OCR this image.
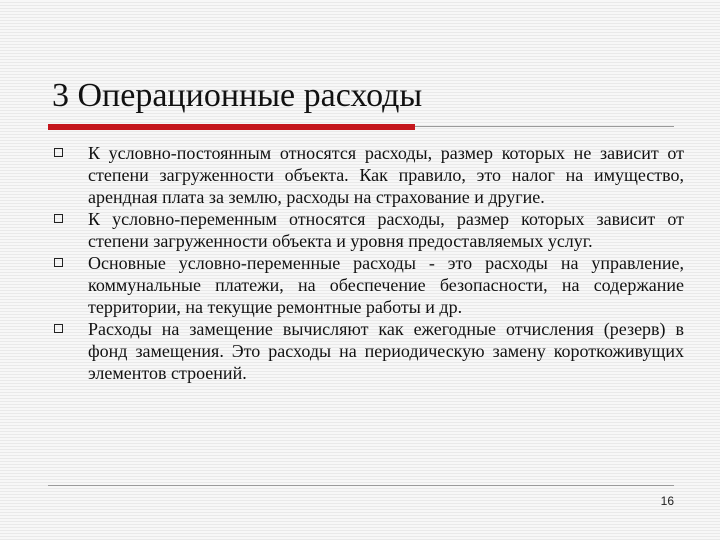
3 Операционные расходы
К условно-постоянным относятся расходы, размер которых не зависит от степени загруженности объекта. Как правило, это налог на имущество, арендная плата за землю, расходы на страхование и другие.
К условно-переменным относятся расходы, размер которых зависит от степени загруженности объекта и уровня предоставляемых услуг.
Основные условно-переменные расходы - это расходы на управление, коммунальные платежи, на обеспечение безопасности, на содержание территории, на текущие ремонтные работы и др.
Расходы на замещение вычисляют как ежегодные отчисления (резерв) в фонд замещения. Это расходы на периодическую замену короткоживущих элементов строений.
16
